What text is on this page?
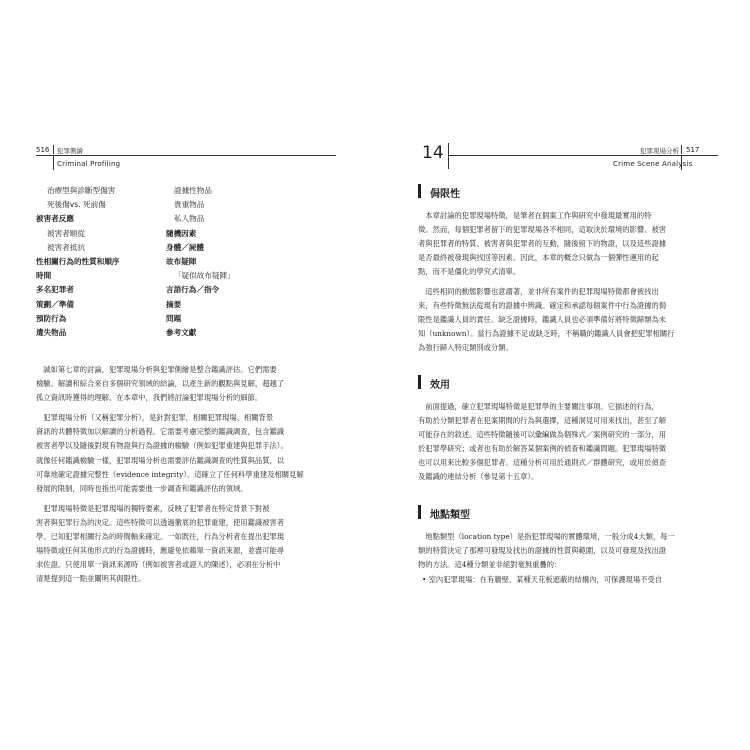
516 犯罪側繪
Criminal Profiling
治療型與診斷型傷害
死後傷vs. 死前傷
被害者反應
被害者順從
被害者抵抗
性相關行為的性質和順序
時間
多名犯罪者
策劃／準備
預防行為
遺失物品
證據性物品
貴重物品
私人物品
隨機因素
身體／屍體
故布疑陣
「疑似故布疑陣」
言語行為／指令
摘要
問題
參考文獻
　誠如第七章的討論，犯罪現場分析與犯罪側繪是整合鑑識評估。它們需要
檢驗、解讀和綜合來自多個研究領域的結論，以產生新的觀點與見解，超越了
孤立資訊時獲得的理解。在本章中，我們將討論犯罪現場分析的細節。
　犯罪現場分析（又稱犯罪分析），是針對犯罪，相關犯罪現場、相關背景
資訊的共體特徵加以解讀的分析過程。它需要考慮完整的鑑識調查，包含鑑識
被害者學以及隨後對現有物證與行為證據的檢驗（例如犯罪重建與犯罪手法）。
就像任何鑑識檢驗一樣，犯罪現場分析也需要評估鑑識調查的性質與品質，以
可靠地確定證據完整性（evidence integrity）。這確立了任何科學重建及相關見解
發展的限制，同時也指出可能需要進一步調查和鑑識評估的領域。
　犯罪現場特徵是犯罪現場的獨特要素，反映了犯罪者在特定背景下對被
害者與犯罪行為的決定。這些特徵可以透過徹底的犯罪重建，使用鑑識被害者
學、已知犯罪相關行為的時間軸來確定。一如既往，行為分析者在提出犯罪現
場特徵或任何其他形式的行為證據時，應避免依賴單一資訊來源，並盡可能尋
求佐證。只使用單一資訊來源時（例如被害者或證人的陳述），必須在分析中
清楚提到這一點並闡明其侷限性。
14	犯罪現場分析 517
Crime Scene Analysis
侷限性
　本章討論的犯罪現場特徵，是筆者在個案工作與研究中發現最實用的特
徵。然而，每個犯罪者留下的犯罪現場各不相同，這取決於環境的影響、被害
者與犯罪者的特質、被害者與犯罪者的互動，隨後留下的物證，以及這些證據
是否最終被發現與找回等因素。因此，本章的概念只做為一個彈性運用的起
點，而不是僵化的學究式清單。
　這些相同的動態影響也意謂著，並非所有案件的犯罪現場特徵都會被找出
來，有些特徵無法從現有的證據中辨識。確定和承認每個案件中行為證據的侷
限性是鑑識人員的責任。缺乏證據時，鑑識人員也必須準備好將特徵歸類為未
知（unknown）。當行為證據不足或缺乏時，不稱職的鑑識人員會把犯罪相關行
為強行歸入特定類別或分類。
效用
　前面提過，確立犯罪現場特徵是犯罪學的主要關注事項。它描述的行為，
有助於分類犯罪者在犯案期間的行為與選擇，這種洞見可用來找出，甚至了解
可能存在的敘述。這些特徵隨後可以彙編做為個殊式／案例研究的一部分，用
於犯罪學研究；或者也有助於解答某個案例的偵查和鑑識問題。犯罪現場特徵
也可以用來比較多個犯罪者。這種分析可用於通則式／群體研究，或用於偵查
及鑑識的連結分析（參見第十五章）。
地點類型
　地點類型（location type）是指犯罪現場的實體環境，一般分成4大類，每一
類的特質決定了那裡可發現及找出的證據的性質與範圍，以及可發現及找出證
物的方法。這4種分類並非絕對毫無重疊的：
• 室內犯罪現場：在有牆壁、某種天花板遮蔽的結構內，可保護現場不受自
